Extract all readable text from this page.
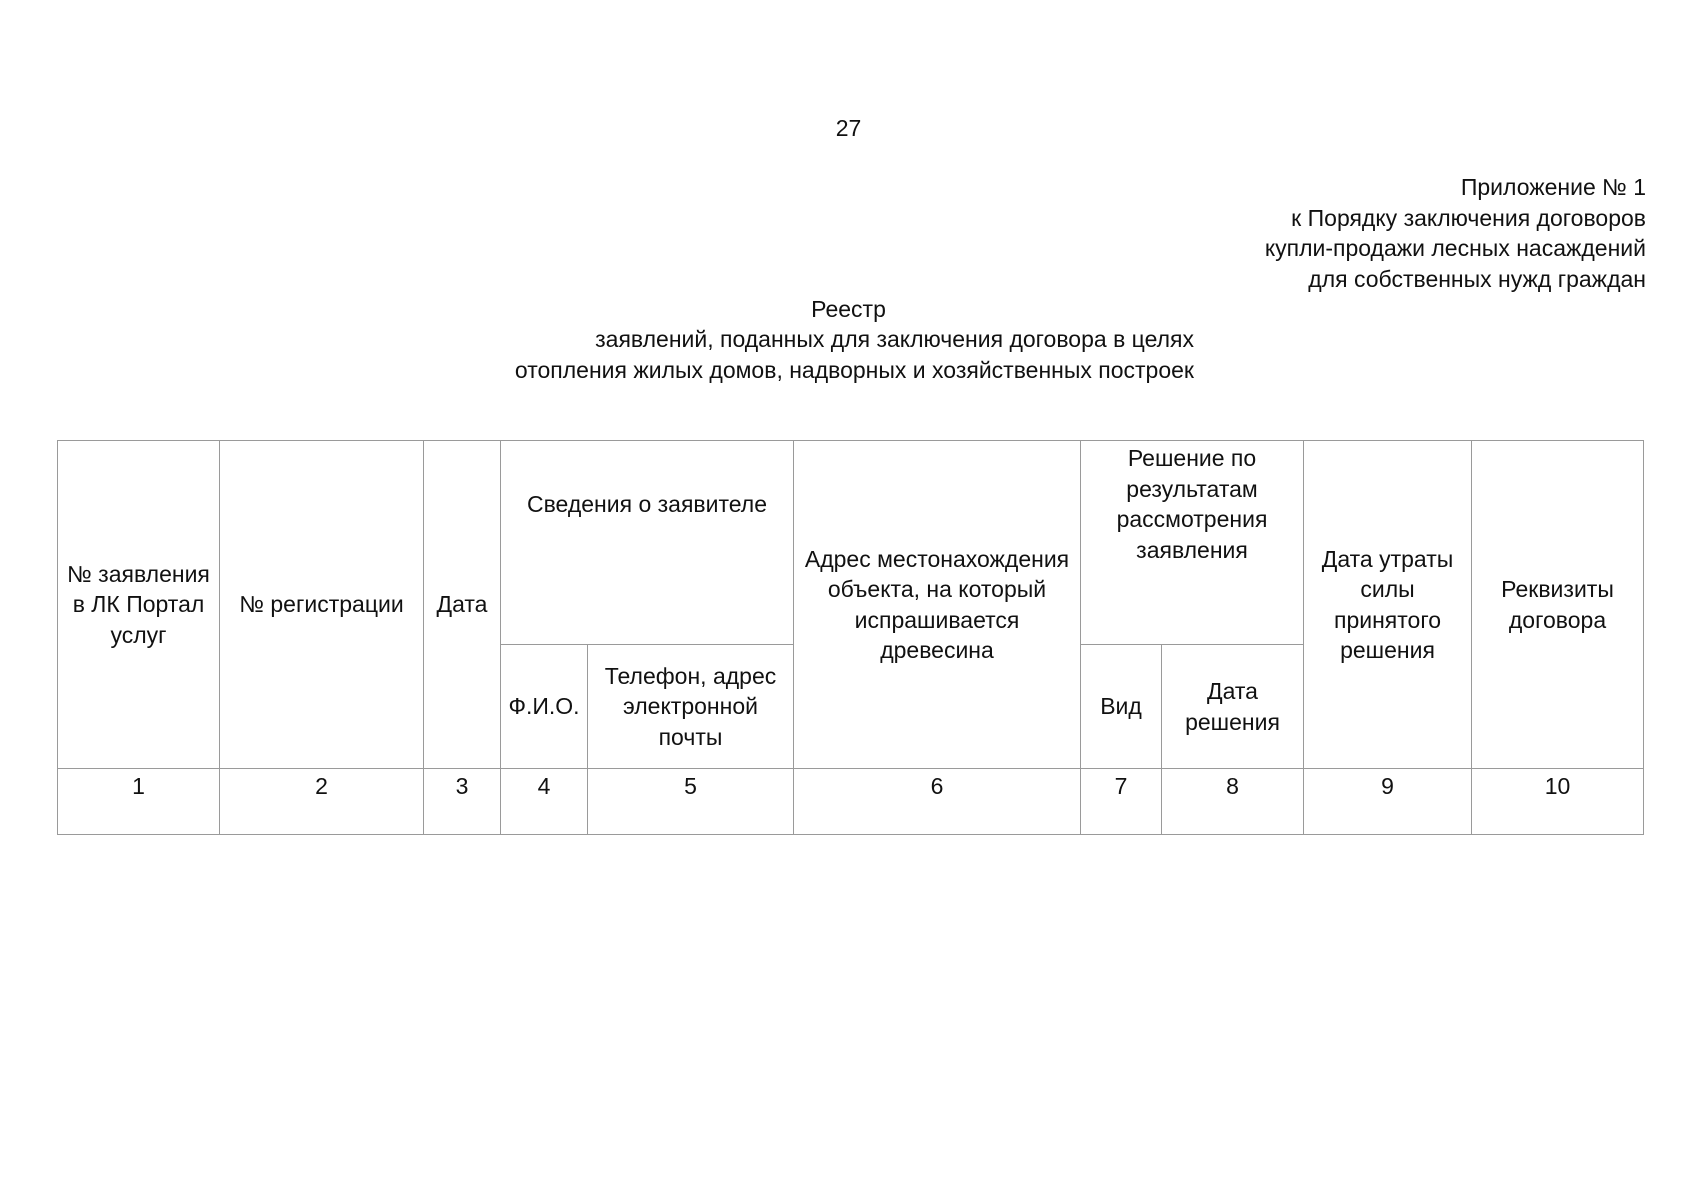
27
Приложение № 1
к Порядку заключения договоров
купли-продажи лесных насаждений
для собственных нужд граждан
Реестр
заявлений, поданных для заключения договора в целях
отопления жилых домов, надворных и хозяйственных построек
№ заявления в ЛК Портал услуг	№ регистрации	Дата	Сведения о заявителе		Адрес местонахождения объекта, на который испрашивается древесина	Решение по результатам рассмотрения заявления		Дата утраты силы принятого решения	Реквизиты договора
			Ф.И.О.	Телефон, адрес электронной почты		Вид	Дата решения		
1	2	3	4	5	6	7	8	9	10
